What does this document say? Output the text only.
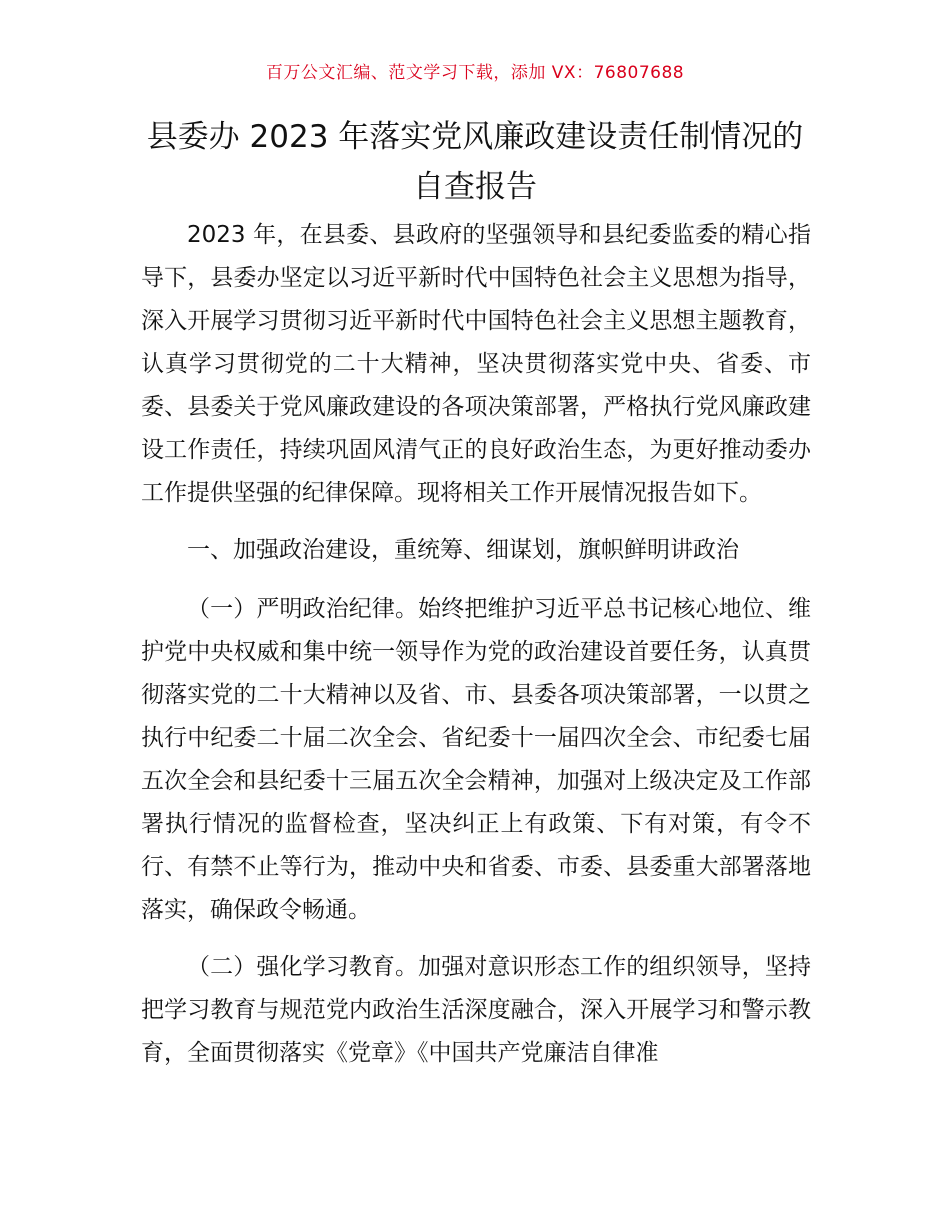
百万公文汇编、范文学习下载，添加 VX：76807688
县委办 2023 年落实党风廉政建设责任制情况的
自查报告

2023 年，在县委、县政府的坚强领导和县纪委监委的精心指导下，县委办坚定以习近平新时代中国特色社会主义思想为指导，深入开展学习贯彻习近平新时代中国特色社会主义思想主题教育，认真学习贯彻党的二十大精神，坚决贯彻落实党中央、省委、市委、县委关于党风廉政建设的各项决策部署，严格执行党风廉政建设工作责任，持续巩固风清气正的良好政治生态，为更好推动委办工作提供坚强的纪律保障。现将相关工作开展情况报告如下。

一、加强政治建设，重统筹、细谋划，旗帜鲜明讲政治

（一）严明政治纪律。始终把维护习近平总书记核心地位、维护党中央权威和集中统一领导作为党的政治建设首要任务，认真贯彻落实党的二十大精神以及省、市、县委各项决策部署，一以贯之执行中纪委二十届二次全会、省纪委十一届四次全会、市纪委七届五次全会和县纪委十三届五次全会精神，加强对上级决定及工作部署执行情况的监督检查，坚决纠正上有政策、下有对策，有令不行、有禁不止等行为，推动中央和省委、市委、县委重大部署落地落实，确保政令畅通。

（二）强化学习教育。加强对意识形态工作的组织领导，坚持把学习教育与规范党内政治生活深度融合，深入开展学习和警示教育，全面贯彻落实《党章》《中国共产党廉洁自律准
